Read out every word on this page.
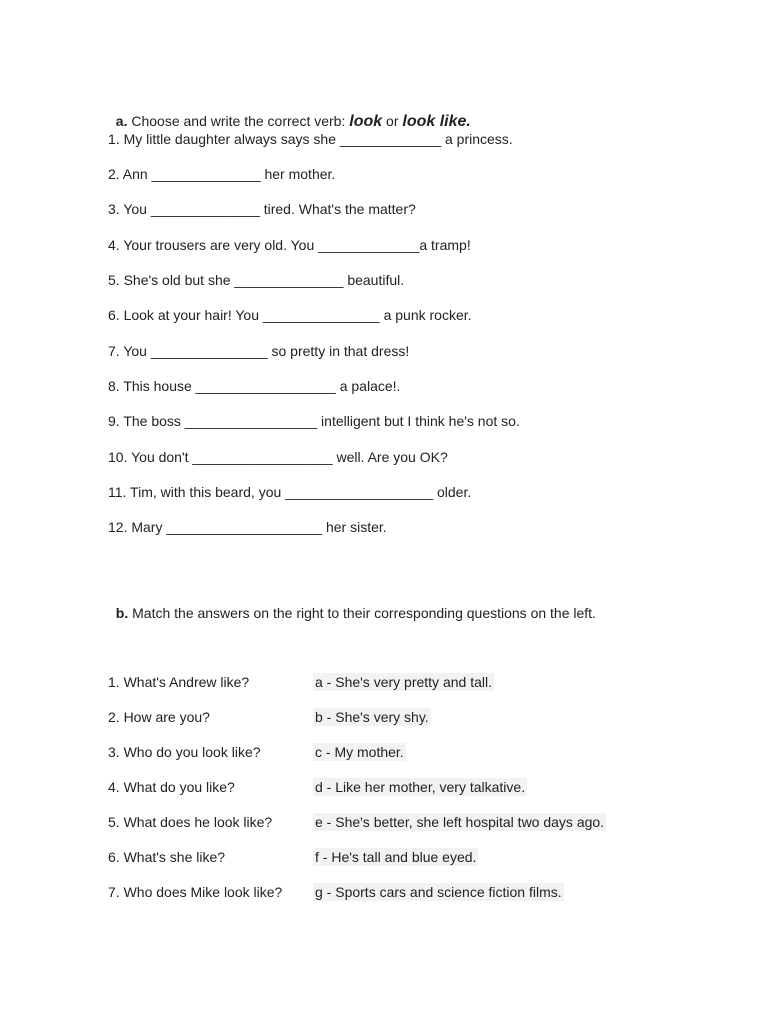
a. Choose and write the correct verb: look or look like.

1. My little daughter always says she _____________ a princess.
2. Ann ______________ her mother.
3. You ______________ tired. What's the matter?
4. Your trousers are very old. You _____________a tramp!
5. She's old but she ______________ beautiful.
6. Look at your hair! You _______________ a punk rocker.
7. You _______________ so pretty in that dress!
8. This house __________________ a palace!.
9. The boss _________________ intelligent but I think he's not so.
10. You don't __________________ well. Are you OK?
11. Tim, with this beard, you ___________________ older.
12. Mary ____________________ her sister.

b. Match the answers on the right to their corresponding questions on the left.

1. What's Andrew like?
2. How are you?
3. Who do you look like?
4. What do you like?
5. What does he look like?
6. What's she like?
7. Who does Mike look like?
a - She's very pretty and tall.
b - She's very shy.
c - My mother.
d - Like her mother, very talkative.
e - She's better, she left hospital two days ago.
f - He's tall and blue eyed.
g - Sports cars and science fiction films.
